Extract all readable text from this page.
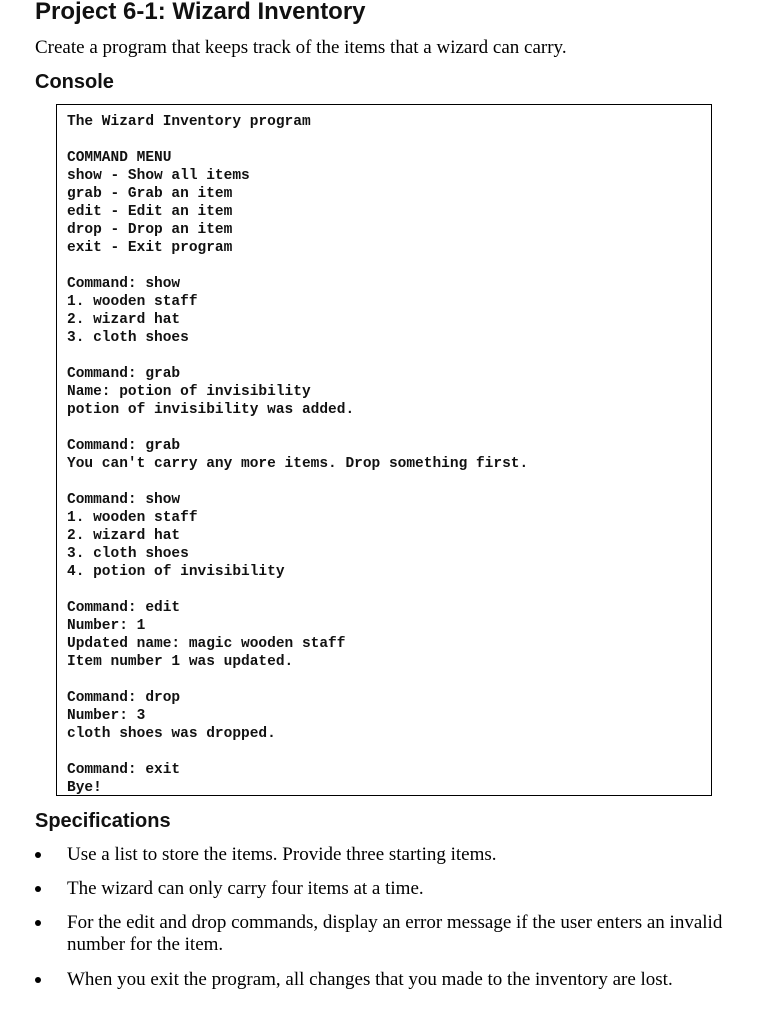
Project 6-1: Wizard Inventory

Create a program that keeps track of the items that a wizard can carry.

Console
The Wizard Inventory program
COMMAND MENU
show - Show all items
grab - Grab an item
edit - Edit an item
drop - Drop an item
exit - Exit program
Command: show
1. wooden staff
2. wizard hat
3. cloth shoes
Command: grab
Name: potion of invisibility
potion of invisibility was added.
Command: grab
You can't carry any more items. Drop something first.
Command: show
1. wooden staff
2. wizard hat
3. cloth shoes
4. potion of invisibility
Command: edit
Number: 1
Updated name: magic wooden staff
Item number 1 was updated.
Command: drop
Number: 3
cloth shoes was dropped.
Command: exit
Bye!
Specifications
Use a list to store the items. Provide three starting items.
The wizard can only carry four items at a time.
For the edit and drop commands, display an error message if the user enters an invalid number for the item.
When you exit the program, all changes that you made to the inventory are lost.
